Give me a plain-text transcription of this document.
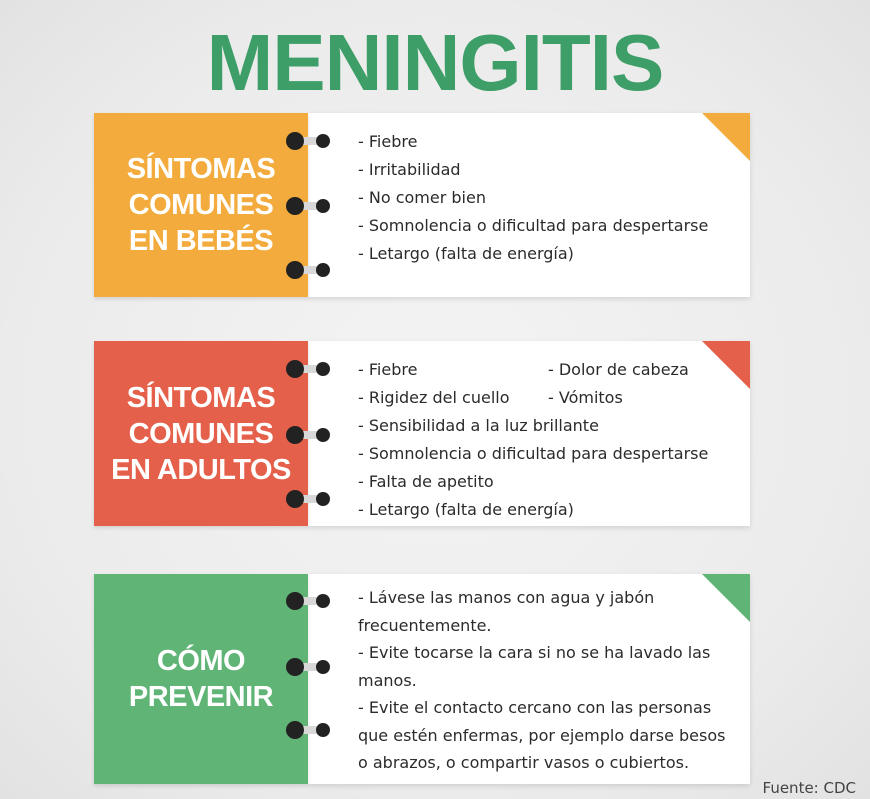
MENINGITIS
SÍNTOMAS
COMUNES
EN BEBÉS
- Fiebre
- Irritabilidad
- No comer bien
- Somnolencia o dificultad para despertarse
- Letargo (falta de energía)
SÍNTOMAS
COMUNES
EN ADULTOS
- Fiebre
- Rigidez del cuello
- Sensibilidad a la luz brillante
- Somnolencia o dificultad para despertarse
- Falta de apetito
- Letargo (falta de energía)
- Dolor de cabeza
- Vómitos
CÓMO
PREVENIR
- Lávese las manos con agua y jabón
frecuentemente.
- Evite tocarse la cara si no se ha lavado las
manos.
- Evite el contacto cercano con las personas
que estén enfermas, por ejemplo darse besos
o abrazos, o compartir vasos o cubiertos.
Fuente: CDC
